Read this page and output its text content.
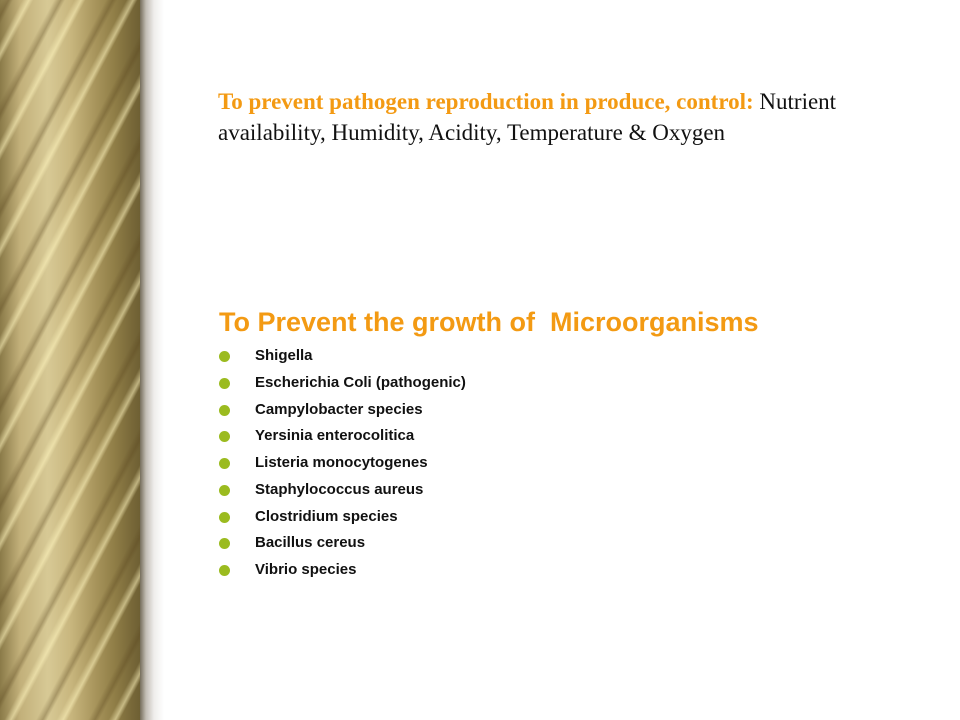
To prevent pathogen reproduction in produce, control: Nutrient availability, Humidity, Acidity, Temperature & Oxygen

To Prevent the growth of  Microorganisms
Shigella
Escherichia Coli (pathogenic)
Campylobacter species
Yersinia enterocolitica
Listeria monocytogenes
Staphylococcus aureus
Clostridium species
Bacillus cereus
Vibrio species
